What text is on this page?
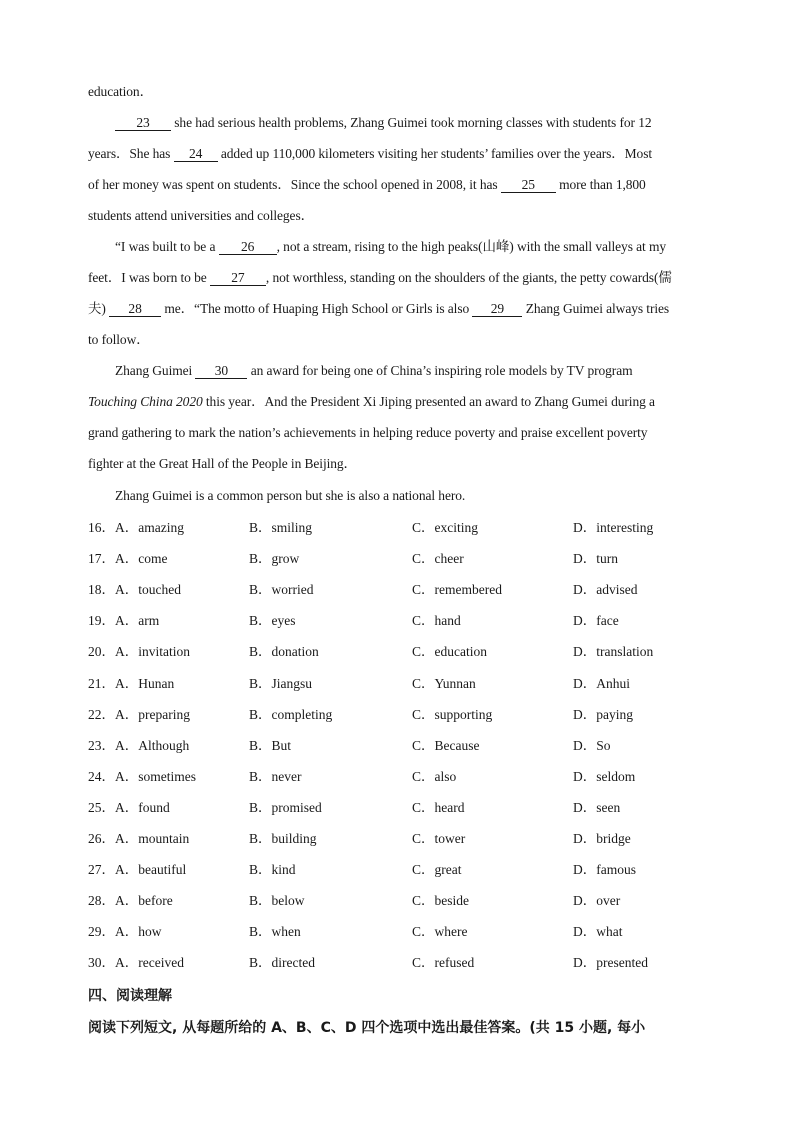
education．
23 she had serious health problems, Zhang Guimei took morning classes with students for 12
years．She has 24 added up 110,000 kilometers visiting her students’ families over the years．Most
of her money was spent on students．Since the school opened in 2008, it has 25 more than 1,800
students attend universities and colleges．
“I was built to be a 26 , not a stream, rising to the high peaks(山峰) with the small valleys at my
feet．I was born to be 27 , not worthless, standing on the shoulders of the giants, the petty cowards(儒
夫) 28 me．“The motto of Huaping High School or Girls is also 29 Zhang Guimei always tries
to follow．
Zhang Guimei 30 an award for being one of China’s inspiring role models by TV program
Touching China 2020 this year．And the President Xi Jiping presented an award to Zhang Gumei during a
grand gathering to mark the nation’s achievements in helping reduce poverty and praise excellent poverty
fighter at the Great Hall of the People in Beijing．
Zhang Guimei is a common person but she is also a national hero.
16．A．amazing	B．smiling	C．exciting	D．interesting
17．A．come	B．grow	C．cheer	D．turn
18．A．touched	B．worried	C．remembered	D．advised
19．A．arm	B．eyes	C．hand	D．face
20．A．invitation	B．donation	C．education	D．translation
21．A．Hunan	B．Jiangsu	C．Yunnan	D．Anhui
22．A．preparing	B．completing	C．supporting	D．paying
23．A．Although	B．But	C．Because	D．So
24．A．sometimes	B．never	C．also	D．seldom
25．A．found	B．promised	C．heard	D．seen
26．A．mountain	B．building	C．tower	D．bridge
27．A．beautiful	B．kind	C．great	D．famous
28．A．before	B．below	C．beside	D．over
29．A．how	B．when	C．where	D．what
30．A．received	B．directed	C．refused	D．presented
四、阅读理解
阅读下列短文, 从每题所给的 A、B、C、D 四个选项中选出最佳答案。(共 15 小题, 每小
